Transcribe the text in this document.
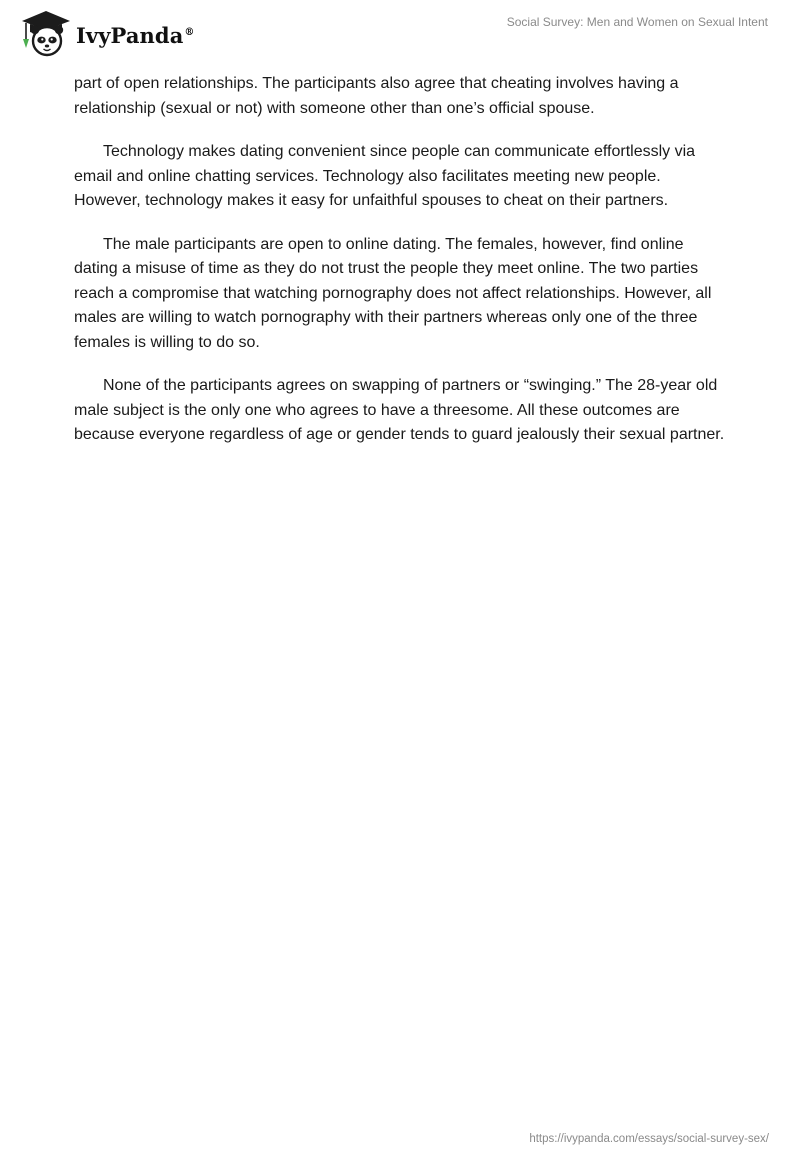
IvyPanda®
Social Survey: Men and Women on Sexual Intent

part of open relationships. The participants also agree that cheating involves having a relationship (sexual or not) with someone other than one’s official spouse.

Technology makes dating convenient since people can communicate effortlessly via email and online chatting services. Technology also facilitates meeting new people. However, technology makes it easy for unfaithful spouses to cheat on their partners.

The male participants are open to online dating. The females, however, find online dating a misuse of time as they do not trust the people they meet online. The two parties reach a compromise that watching pornography does not affect relationships. However, all males are willing to watch pornography with their partners whereas only one of the three females is willing to do so.

None of the participants agrees on swapping of partners or “swinging.” The 28-year old male subject is the only one who agrees to have a threesome. All these outcomes are because everyone regardless of age or gender tends to guard jealously their sexual partner.

https://ivypanda.com/essays/social-survey-sex/
